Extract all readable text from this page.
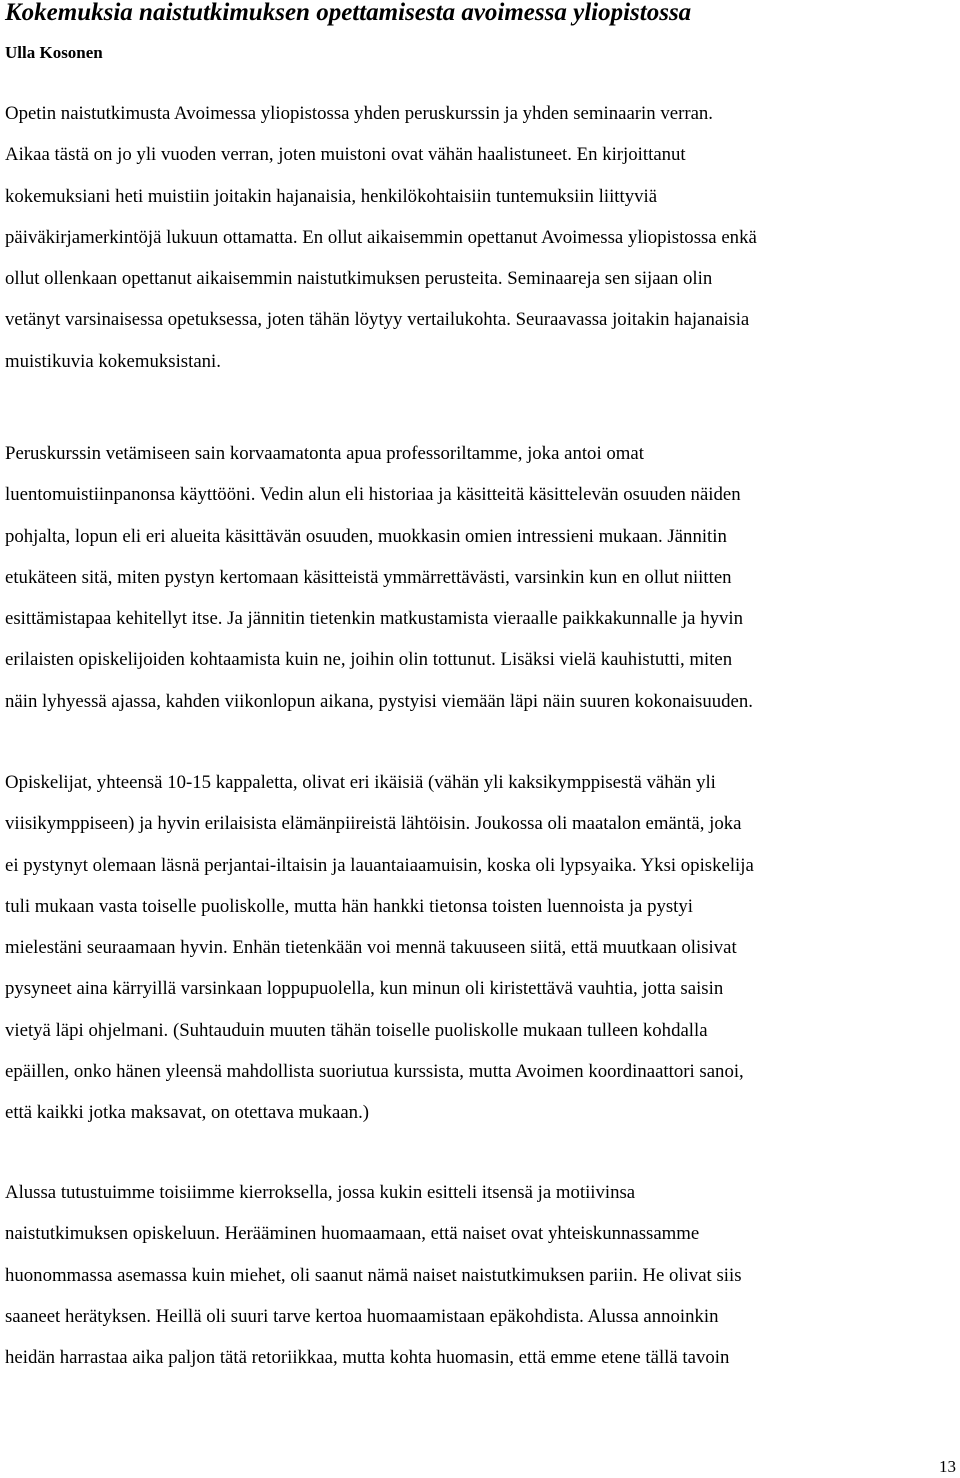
Kokemuksia naistutkimuksen opettamisesta avoimessa yliopistossa
Ulla Kosonen

Opetin naistutkimusta Avoimessa yliopistossa yhden peruskurssin ja yhden seminaarin verran.
Aikaa tästä on jo yli vuoden verran, joten muistoni ovat vähän haalistuneet. En kirjoittanut
kokemuksiani heti muistiin joitakin hajanaisia, henkilökohtaisiin tuntemuksiin liittyviä
päiväkirjamerkintöjä lukuun ottamatta. En ollut aikaisemmin opettanut Avoimessa yliopistossa enkä
ollut ollenkaan opettanut aikaisemmin naistutkimuksen perusteita. Seminaareja sen sijaan olin
vetänyt varsinaisessa opetuksessa, joten tähän löytyy vertailukohta. Seuraavassa joitakin hajanaisia
muistikuvia kokemuksistani.

Peruskurssin vetämiseen sain korvaamatonta apua professoriltamme, joka antoi omat
luentomuistiinpanonsa käyttööni. Vedin alun eli historiaa ja käsitteitä käsittelevän osuuden näiden
pohjalta, lopun eli eri alueita käsittävän osuuden, muokkasin omien intressieni mukaan. Jännitin
etukäteen sitä, miten pystyn kertomaan käsitteistä ymmärrettävästi, varsinkin kun en ollut niitten
esittämistapaa kehitellyt itse. Ja jännitin tietenkin matkustamista vieraalle paikkakunnalle ja hyvin
erilaisten opiskelijoiden kohtaamista kuin ne, joihin olin tottunut. Lisäksi vielä kauhistutti, miten
näin lyhyessä ajassa, kahden viikonlopun aikana, pystyisi viemään läpi näin suuren kokonaisuuden.

Opiskelijat, yhteensä 10-15 kappaletta, olivat eri ikäisiä (vähän yli kaksikymppisestä vähän yli
viisikymppiseen) ja hyvin erilaisista elämänpiireistä lähtöisin. Joukossa oli maatalon emäntä, joka
ei pystynyt olemaan läsnä perjantai-iltaisin ja lauantaiaamuisin, koska oli lypsyaika. Yksi opiskelija
tuli mukaan vasta toiselle puoliskolle, mutta hän hankki tietonsa toisten luennoista ja pystyi
mielestäni seuraamaan hyvin. Enhän tietenkään voi mennä takuuseen siitä, että muutkaan olisivat
pysyneet aina kärryillä varsinkaan loppupuolella, kun minun oli kiristettävä vauhtia, jotta saisin
vietyä läpi ohjelmani. (Suhtauduin muuten tähän toiselle puoliskolle mukaan tulleen kohdalla
epäillen, onko hänen yleensä mahdollista suoriutua kurssista, mutta Avoimen koordinaattori sanoi,
että kaikki jotka maksavat, on otettava mukaan.)

Alussa tutustuimme toisiimme kierroksella, jossa kukin esitteli itsensä ja motiivinsa
naistutkimuksen opiskeluun. Herääminen huomaamaan, että naiset ovat yhteiskunnassamme
huonommassa asemassa kuin miehet, oli saanut nämä naiset naistutkimuksen pariin. He olivat siis
saaneet herätyksen. Heillä oli suuri tarve kertoa huomaamistaan epäkohdista. Alussa annoinkin
heidän harrastaa aika paljon tätä retoriikkaa, mutta kohta huomasin, että emme etene tällä tavoin

13
